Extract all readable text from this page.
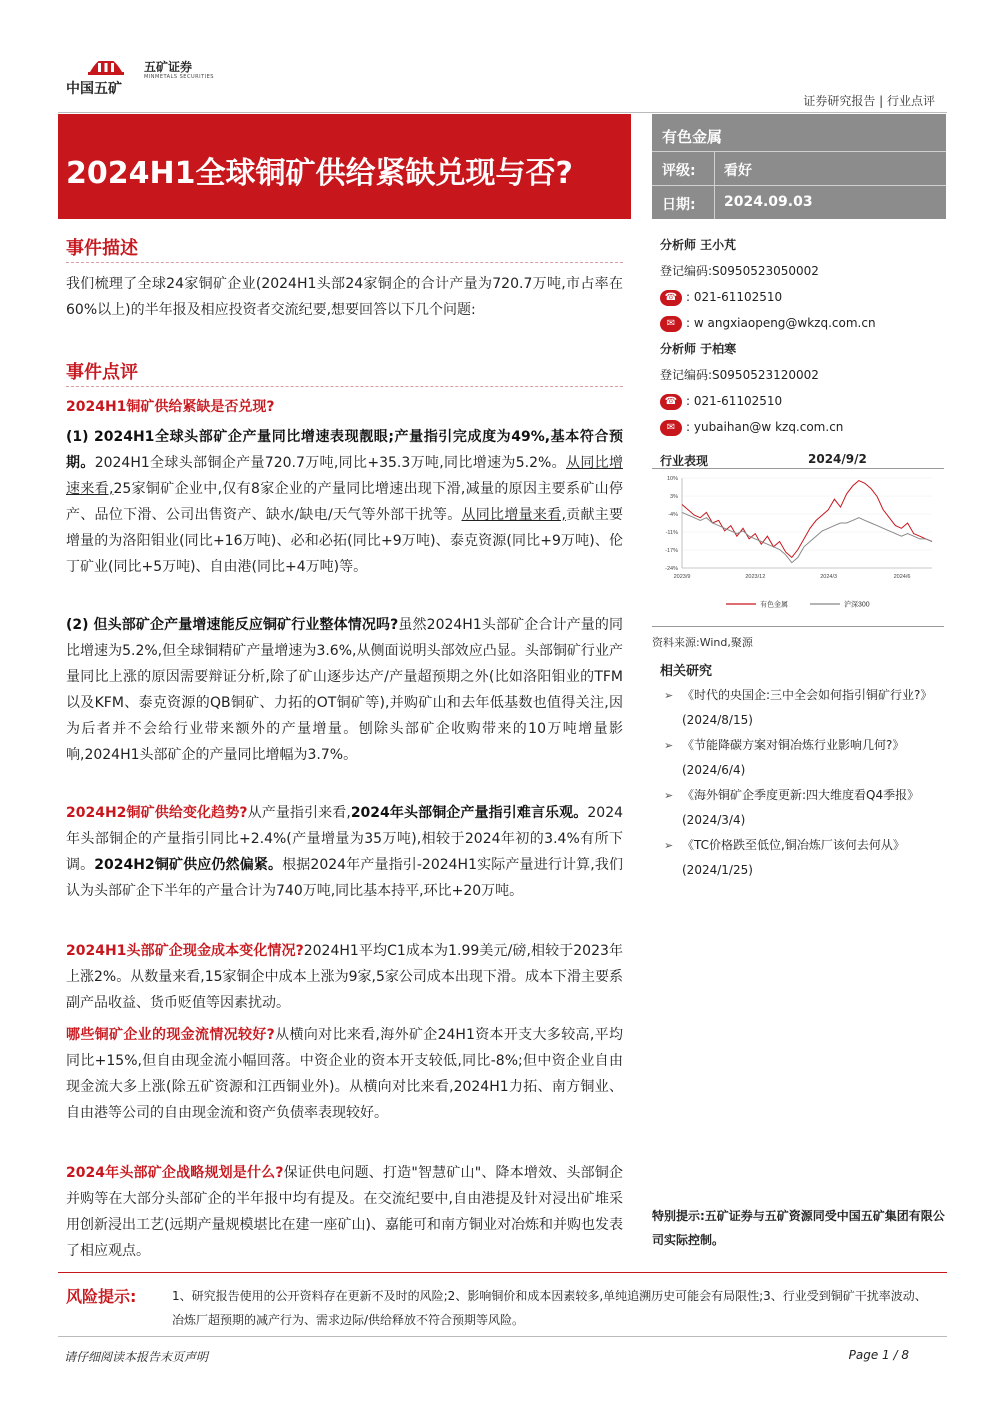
中国五矿
五矿证券
MINMETALS SECURITIES
证券研究报告 | 行业点评
2024H1全球铜矿供给紧缺兑现与否?
有色金属
评级:	看好
日期:	2024.09.03
事件描述
我们梳理了全球24家铜矿企业(2024H1头部24家铜企的合计产量为720.7万吨,市占率在60%以上)的半年报及相应投资者交流纪要,想要回答以下几个问题:
事件点评
2024H1铜矿供给紧缺是否兑现?
(1) 2024H1全球头部矿企产量同比增速表现靓眼;产量指引完成度为49%,基本符合预期。2024H1全球头部铜企产量720.7万吨,同比+35.3万吨,同比增速为5.2%。从同比增速来看,25家铜矿企业中,仅有8家企业的产量同比增速出现下滑,减量的原因主要系矿山停产、品位下滑、公司出售资产、缺水/缺电/天气等外部干扰等。从同比增量来看,贡献主要增量的为洛阳钼业(同比+16万吨)、必和必拓(同比+9万吨)、泰克资源(同比+9万吨)、伦丁矿业(同比+5万吨)、自由港(同比+4万吨)等。
(2) 但头部矿企产量增速能反应铜矿行业整体情况吗?虽然2024H1头部矿企合计产量的同比增速为5.2%,但全球铜精矿产量增速为3.6%,从侧面说明头部效应凸显。头部铜矿行业产量同比上涨的原因需要辩证分析,除了矿山逐步达产/产量超预期之外(比如洛阳钼业的TFM以及KFM、泰克资源的QB铜矿、力拓的OT铜矿等),并购矿山和去年低基数也值得关注,因为后者并不会给行业带来额外的产量增量。刨除头部矿企收购带来的10万吨增量影响,2024H1头部矿企的产量同比增幅为3.7%。
2024H2铜矿供给变化趋势?从产量指引来看,2024年头部铜企产量指引难言乐观。2024年头部铜企的产量指引同比+2.4%(产量增量为35万吨),相较于2024年初的3.4%有所下调。2024H2铜矿供应仍然偏紧。根据2024年产量指引-2024H1实际产量进行计算,我们认为头部矿企下半年的产量合计为740万吨,同比基本持平,环比+20万吨。
2024H1头部矿企现金成本变化情况?2024H1平均C1成本为1.99美元/磅,相较于2023年上涨2%。从数量来看,15家铜企中成本上涨为9家,5家公司成本出现下滑。成本下滑主要系副产品收益、货币贬值等因素扰动。
哪些铜矿企业的现金流情况较好?从横向对比来看,海外矿企24H1资本开支大多较高,平均同比+15%,但自由现金流小幅回落。中资企业的资本开支较低,同比-8%;但中资企业自由现金流大多上涨(除五矿资源和江西铜业外)。从横向对比来看,2024H1力拓、南方铜业、自由港等公司的自由现金流和资产负债率表现较好。
2024年头部矿企战略规划是什么?保证供电问题、打造"智慧矿山"、降本增效、头部铜企并购等在大部分头部矿企的半年报中均有提及。在交流纪要中,自由港提及针对浸出矿堆采用创新浸出工艺(远期产量规模堪比在建一座矿山)、嘉能可和南方铜业对冶炼和并购也发表了相应观点。
分析师 王小芃
登记编码:S0950523050002
☎ : 021-61102510
✉ : w angxiaopeng@wkzq.com.cn
分析师 于柏寒
登记编码:S0950523120002
☎ : 021-61102510
✉ : yubaihan@w kzq.com.cn
行业表现	2024/9/2
10%
3%
-4%
-11%
-17%
-24%
2023/9	2023/12	2024/3	2024/6
有色金属	沪深300
资料来源:Wind,聚源
相关研究
➢ 《时代的央国企:三中全会如何指引铜矿行业?》
(2024/8/15)
➢ 《节能降碳方案对铜冶炼行业影响几何?》
(2024/6/4)
➢ 《海外铜矿企季度更新:四大维度看Q4季报》
(2024/3/4)
➢ 《TC价格跌至低位,铜冶炼厂该何去何从》
(2024/1/25)
特别提示:五矿证券与五矿资源同受中国五矿集团有限公司实际控制。
风险提示:	1、研究报告使用的公开资料存在更新不及时的风险;2、影响铜价和成本因素较多,单纯追溯历史可能会有局限性;3、行业受到铜矿干扰率波动、冶炼厂超预期的减产行为、需求边际/供给释放不符合预期等风险。
请仔细阅读本报告末页声明	Page 1 / 8
